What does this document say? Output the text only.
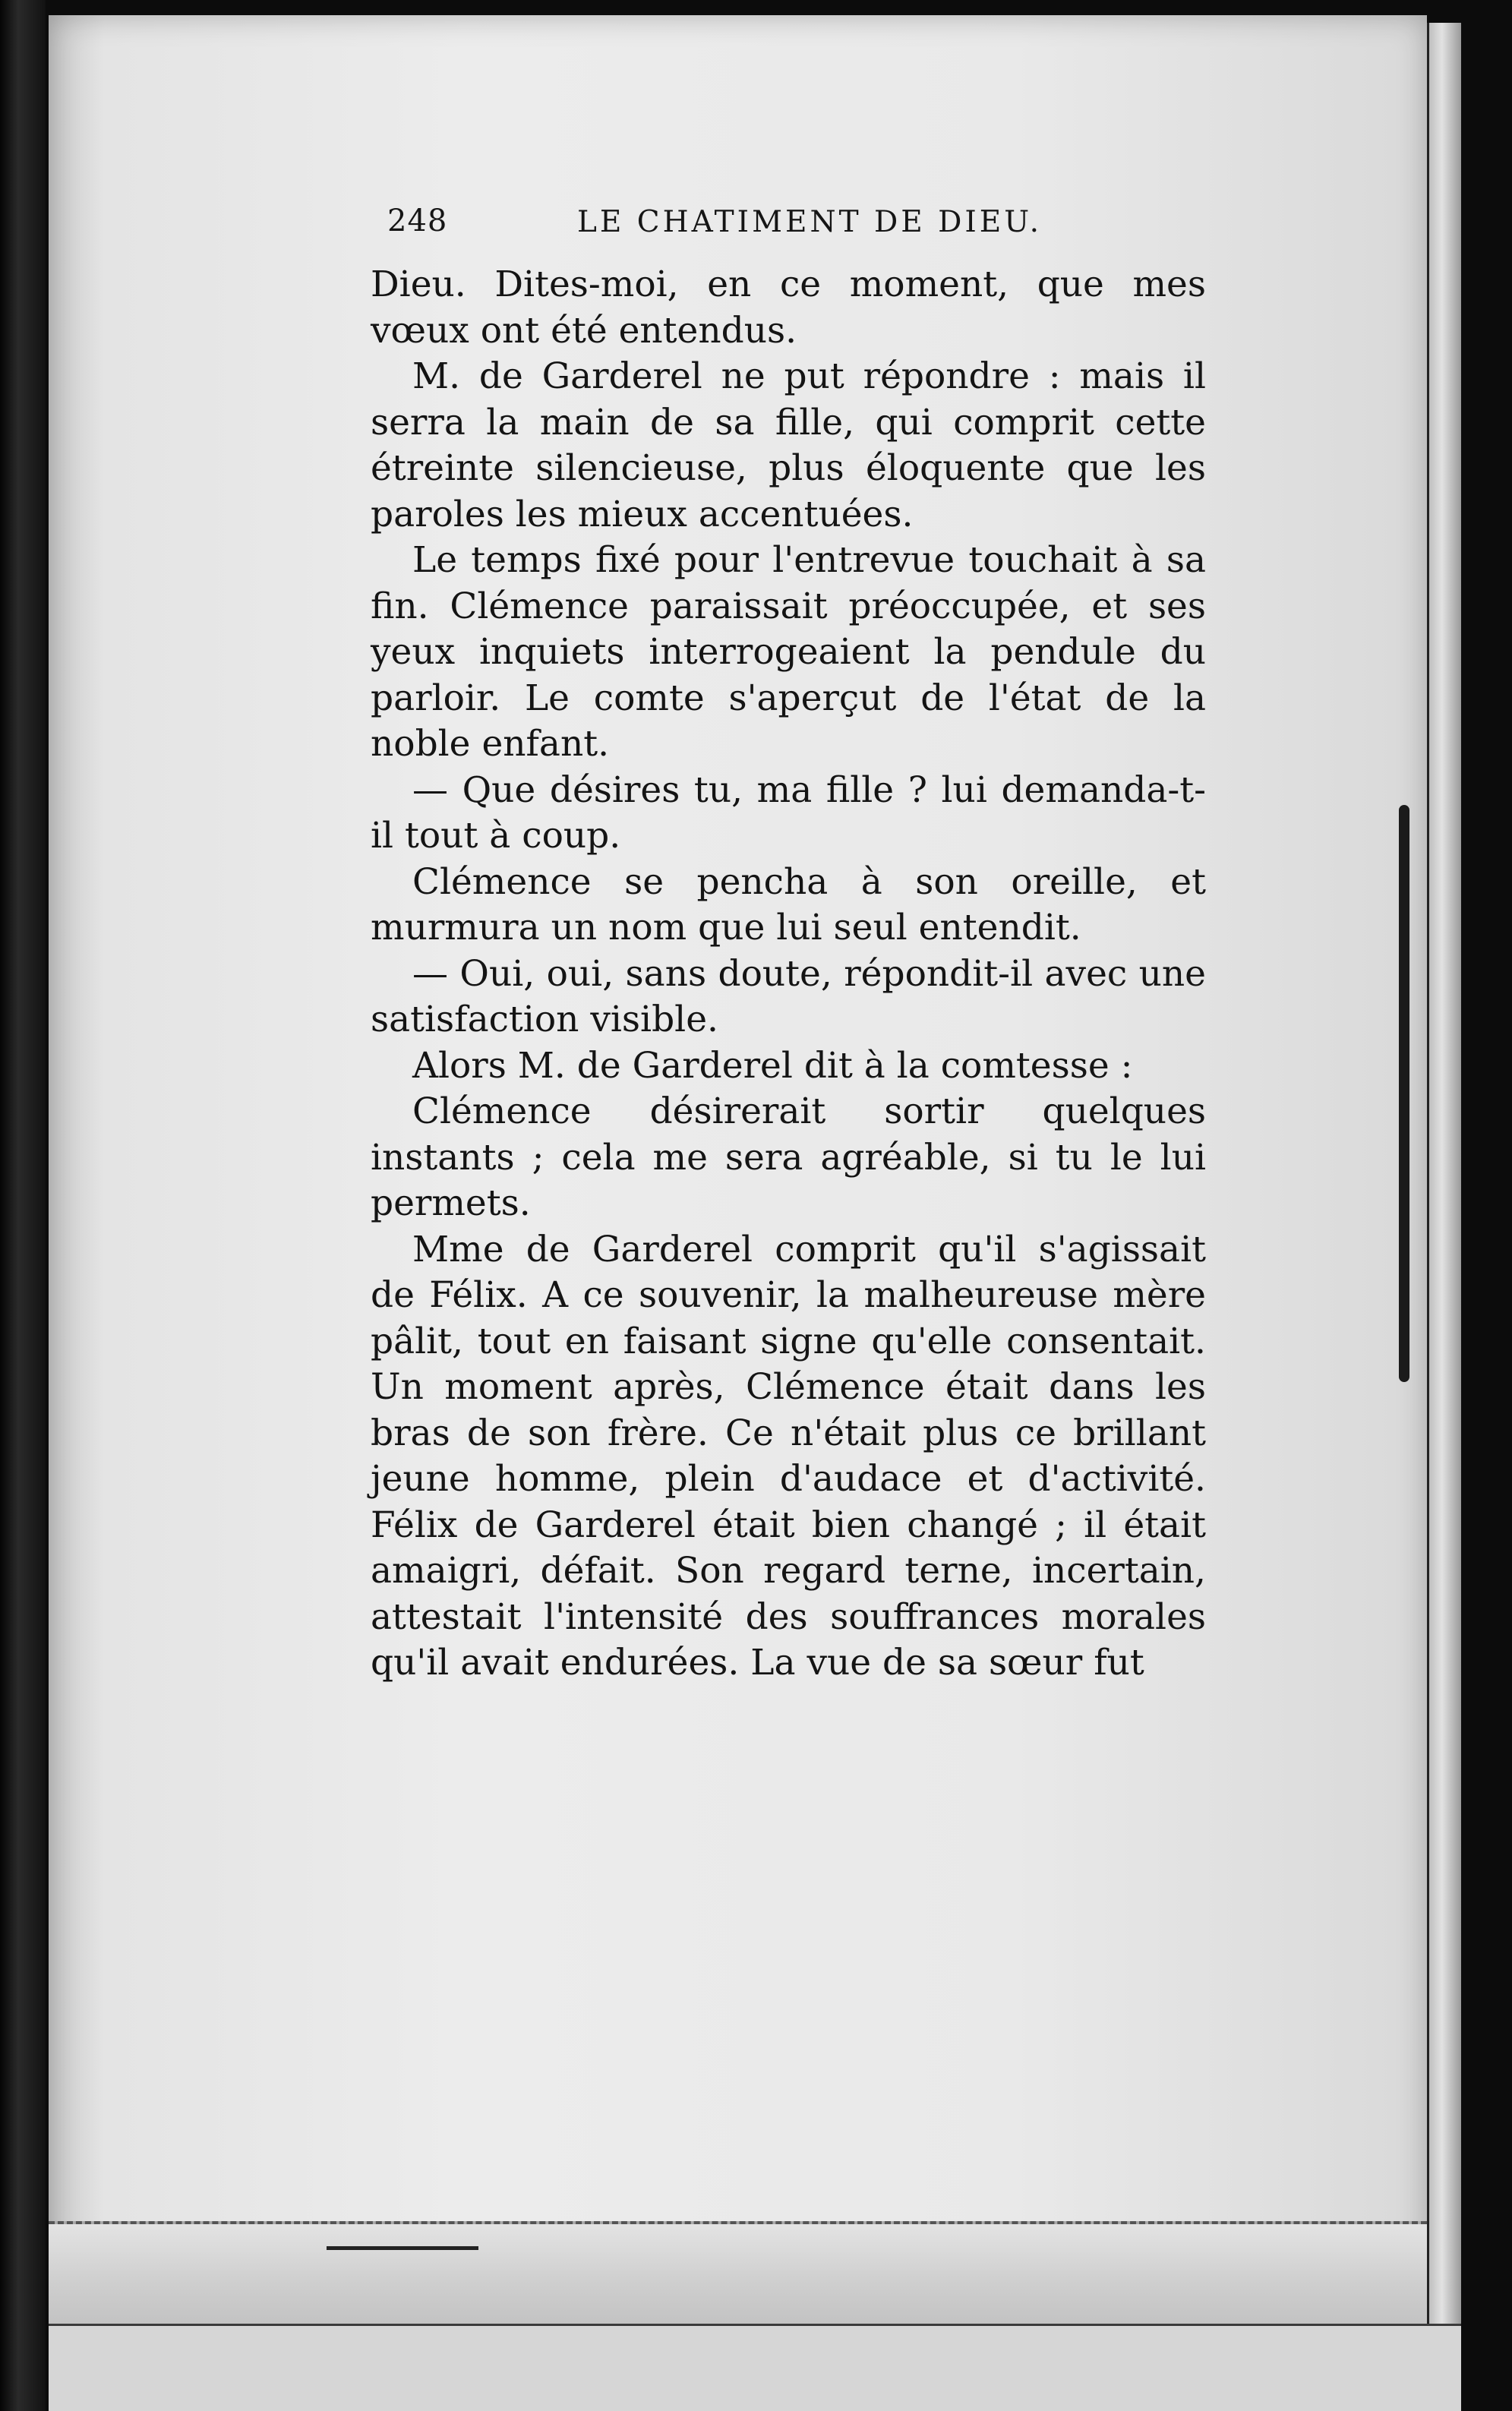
248	LE CHATIMENT DE DIEU.

Dieu. Dites-moi, en ce moment, que mes vœux ont été entendus.

M. de Garderel ne put répondre : mais il serra la main de sa fille, qui comprit cette étreinte silencieuse, plus éloquente que les paroles les mieux accentuées.

Le temps fixé pour l'entrevue touchait à sa fin. Clémence paraissait préoccupée, et ses yeux inquiets interrogeaient la pendule du parloir. Le comte s'aperçut de l'état de la noble enfant.

— Que désires tu, ma fille ? lui demanda-t-il tout à coup.

Clémence se pencha à son oreille, et murmura un nom que lui seul entendit.

— Oui, oui, sans doute, répondit-il avec une satisfaction visible.

Alors M. de Garderel dit à la comtesse :

Clémence désirerait sortir quelques instants ; cela me sera agréable, si tu le lui permets.

Mme de Garderel comprit qu'il s'agissait de Félix. A ce souvenir, la malheureuse mère pâlit, tout en faisant signe qu'elle consentait. Un moment après, Clémence était dans les bras de son frère. Ce n'était plus ce brillant jeune homme, plein d'audace et d'activité. Félix de Garderel était bien changé ; il était amaigri, défait. Son regard terne, incertain, attestait l'intensité des souffrances morales qu'il avait endurées. La vue de sa sœur fut
